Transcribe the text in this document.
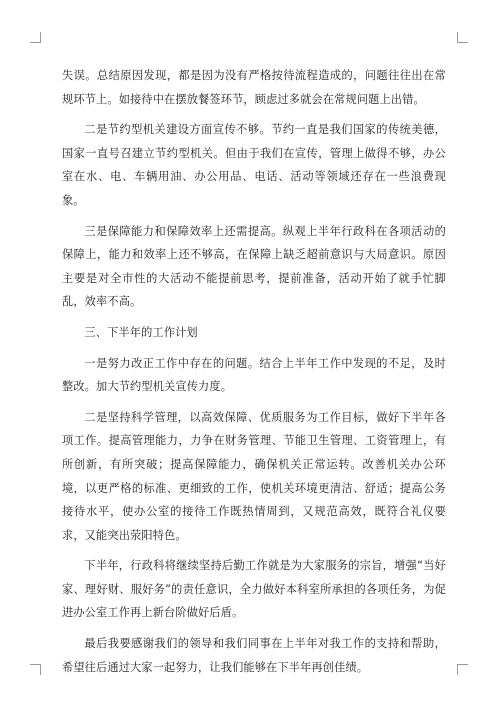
失误。总结原因发现，都是因为没有严格按待流程造成的，问题往往出在常规环节上。如接待中在摆放餐签环节，顾虑过多就会在常规问题上出错。

二是节约型机关建设方面宣传不够。节约一直是我们国家的传统美德，国家一直号召建立节约型机关。但由于我们在宣传，管理上做得不够，办公室在水、电、车辆用油、办公用品、电话、活动等领域还存在一些浪费现象。

三是保障能力和保障效率上还需提高。纵观上半年行政科在各项活动的保障上，能力和效率上还不够高，在保障上缺乏超前意识与大局意识。原因主要是对全市性的大活动不能提前思考，提前准备，活动开始了就手忙脚乱，效率不高。

三、下半年的工作计划

一是努力改正工作中存在的问题。结合上半年工作中发现的不足，及时整改。加大节约型机关宣传力度。

二是坚持科学管理，以高效保障、优质服务为工作目标，做好下半年各项工作。提高管理能力，力争在财务管理、节能卫生管理、工资管理上，有所创新，有所突破；提高保障能力，确保机关正常运转。改善机关办公环境，以更严格的标准、更细致的工作，使机关环境更清洁、舒适；提高公务接待水平，使办公室的接待工作既热情周到，又规范高效，既符合礼仪要求，又能突出荥阳特色。

下半年，行政科将继续坚持后勤工作就是为大家服务的宗旨，增强“当好家、理好财、服好务”的责任意识，全力做好本科室所承担的各项任务，为促进办公室工作再上新台阶做好后盾。

最后我要感谢我们的领导和我们同事在上半年对我工作的支持和帮助，希望往后通过大家一起努力，让我们能够在下半年再创佳绩。
